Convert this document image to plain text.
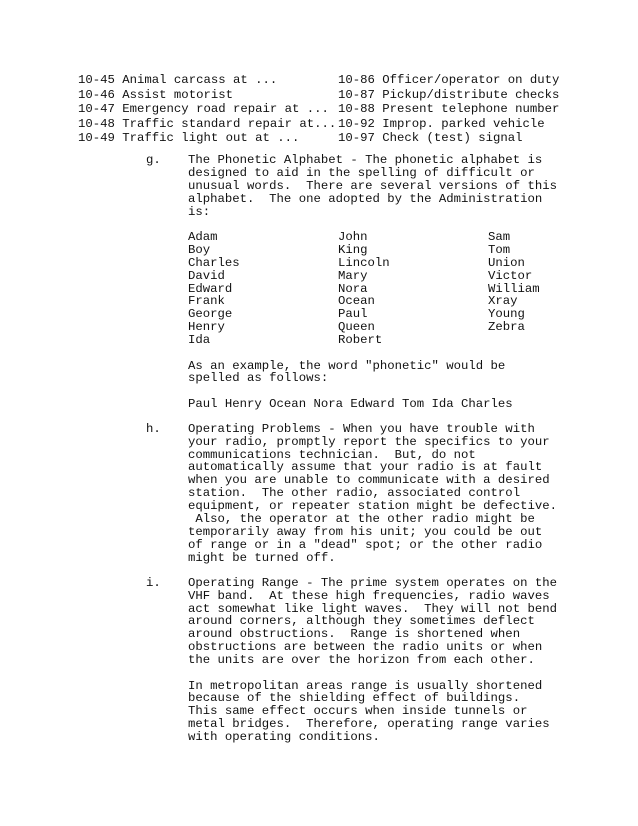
10-45 Animal carcass at ...	10-86 Officer/operator on duty
10-46 Assist motorist	10-87 Pickup/distribute checks
10-47 Emergency road repair at ... 10-88 Present telephone number
10-48 Traffic standard repair at... 10-92 Improp. parked vehicle
10-49 Traffic light out at ...	10-97 Check (test) signal
g.	The Phonetic Alphabet - The phonetic alphabet is
designed to aid in the spelling of difficult or
unusual words.  There are several versions of this
alphabet.  The one adopted by the Administration
is:
Adam	John	Sam
Boy	King	Tom
Charles	Lincoln	Union
David	Mary	Victor
Edward	Nora	William
Frank	Ocean	Xray
George	Paul	Young
Henry	Queen	Zebra
Ida	Robert
As an example, the word "phonetic" would be
spelled as follows:
Paul Henry Ocean Nora Edward Tom Ida Charles
h.	Operating Problems - When you have trouble with
your radio, promptly report the specifics to your
communications technician.  But, do not
automatically assume that your radio is at fault
when you are unable to communicate with a desired
station.  The other radio, associated control
equipment, or repeater station might be defective.
Also, the operator at the other radio might be
temporarily away from his unit; you could be out
of range or in a "dead" spot; or the other radio
might be turned off.
i.	Operating Range - The prime system operates on the
VHF band.  At these high frequencies, radio waves
act somewhat like light waves.  They will not bend
around corners, although they sometimes deflect
around obstructions.  Range is shortened when
obstructions are between the radio units or when
the units are over the horizon from each other.
In metropolitan areas range is usually shortened
because of the shielding effect of buildings.
This same effect occurs when inside tunnels or
metal bridges.  Therefore, operating range varies
with operating conditions.
